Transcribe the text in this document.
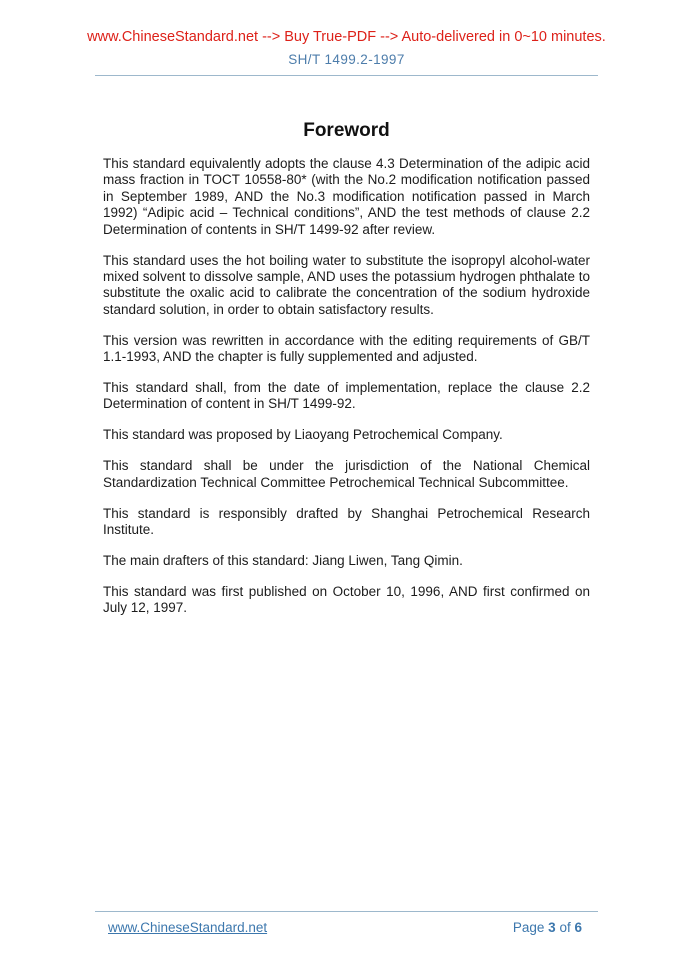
www.ChineseStandard.net --> Buy True-PDF --> Auto-delivered in 0~10 minutes.
SH/T 1499.2-1997
Foreword

This standard equivalently adopts the clause 4.3 Determination of the adipic acid mass fraction in TOCT 10558-80* (with the No.2 modification notification passed in September 1989, AND the No.3 modification notification passed in March 1992) “Adipic acid – Technical conditions”, AND the test methods of clause 2.2 Determination of contents in SH/T 1499-92 after review.

This standard uses the hot boiling water to substitute the isopropyl alcohol-water mixed solvent to dissolve sample, AND uses the potassium hydrogen phthalate to substitute the oxalic acid to calibrate the concentration of the sodium hydroxide standard solution, in order to obtain satisfactory results.

This version was rewritten in accordance with the editing requirements of GB/T 1.1-1993, AND the chapter is fully supplemented and adjusted.

This standard shall, from the date of implementation, replace the clause 2.2 Determination of content in SH/T 1499-92.

This standard was proposed by Liaoyang Petrochemical Company.

This standard shall be under the jurisdiction of the National Chemical Standardization Technical Committee Petrochemical Technical Subcommittee.

This standard is responsibly drafted by Shanghai Petrochemical Research Institute.

The main drafters of this standard: Jiang Liwen, Tang Qimin.

This standard was first published on October 10, 1996, AND first confirmed on July 12, 1997.

www.ChineseStandard.net	Page 3 of 6
